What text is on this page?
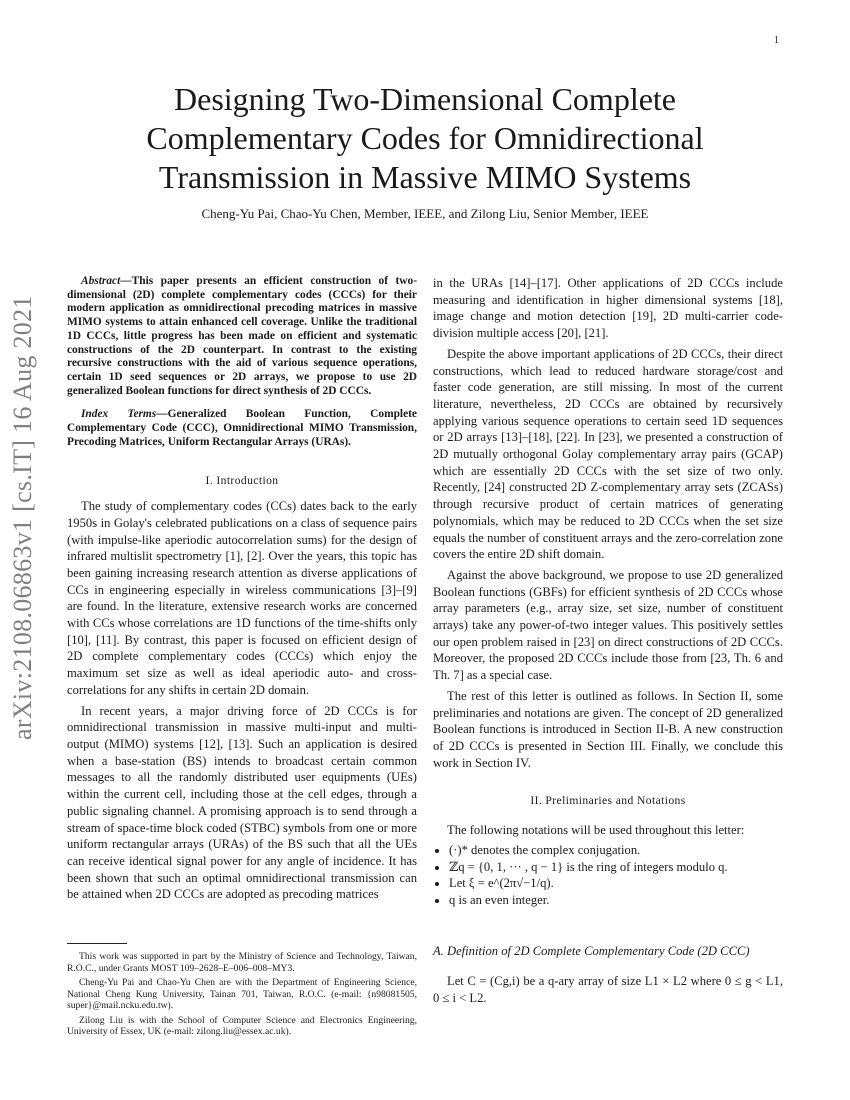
1
arXiv:2108.06863v1 [cs.IT] 16 Aug 2021
Designing Two-Dimensional Complete Complementary Codes for Omnidirectional Transmission in Massive MIMO Systems
Cheng-Yu Pai, Chao-Yu Chen, Member, IEEE, and Zilong Liu, Senior Member, IEEE

Abstract—This paper presents an efficient construction of two-dimensional (2D) complete complementary codes (CCCs) for their modern application as omnidirectional precoding matrices in massive MIMO systems to attain enhanced cell coverage. Unlike the traditional 1D CCCs, little progress has been made on efficient and systematic constructions of the 2D counterpart. In contrast to the existing recursive constructions with the aid of various sequence operations, certain 1D seed sequences or 2D arrays, we propose to use 2D generalized Boolean functions for direct synthesis of 2D CCCs.

Index Terms—Generalized Boolean Function, Complete Complementary Code (CCC), Omnidirectional MIMO Transmission, Precoding Matrices, Uniform Rectangular Arrays (URAs).

I. Introduction

The study of complementary codes (CCs) dates back to the early 1950s in Golay's celebrated publications on a class of sequence pairs (with impulse-like aperiodic autocorrelation sums) for the design of infrared multislit spectrometry [1], [2]. Over the years, this topic has been gaining increasing research attention as diverse applications of CCs in engineering especially in wireless communications [3]–[9] are found. In the literature, extensive research works are concerned with CCs whose correlations are 1D functions of the time-shifts only [10], [11]. By contrast, this paper is focused on efficient design of 2D complete complementary codes (CCCs) which enjoy the maximum set size as well as ideal aperiodic auto- and cross- correlations for any shifts in certain 2D domain.

In recent years, a major driving force of 2D CCCs is for omnidirectional transmission in massive multi-input and multi-output (MIMO) systems [12], [13]. Such an application is desired when a base-station (BS) intends to broadcast certain common messages to all the randomly distributed user equipments (UEs) within the current cell, including those at the cell edges, through a public signaling channel. A promising approach is to send through a stream of space-time block coded (STBC) symbols from one or more uniform rectangular arrays (URAs) of the BS such that all the UEs can receive identical signal power for any angle of incidence. It has been shown that such an optimal omnidirectional transmission can be attained when 2D CCCs are adopted as precoding matrices

in the URAs [14]–[17]. Other applications of 2D CCCs include measuring and identification in higher dimensional systems [18], image change and motion detection [19], 2D multi-carrier code-division multiple access [20], [21].

Despite the above important applications of 2D CCCs, their direct constructions, which lead to reduced hardware storage/cost and faster code generation, are still missing. In most of the current literature, nevertheless, 2D CCCs are obtained by recursively applying various sequence operations to certain seed 1D sequences or 2D arrays [13]–[18], [22]. In [23], we presented a construction of 2D mutually orthogonal Golay complementary array pairs (GCAP) which are essentially 2D CCCs with the set size of two only. Recently, [24] constructed 2D Z-complementary array sets (ZCASs) through recursive product of certain matrices of generating polynomials, which may be reduced to 2D CCCs when the set size equals the number of constituent arrays and the zero-correlation zone covers the entire 2D shift domain.

Against the above background, we propose to use 2D generalized Boolean functions (GBFs) for efficient synthesis of 2D CCCs whose array parameters (e.g., array size, set size, number of constituent arrays) take any power-of-two integer values. This positively settles our open problem raised in [23] on direct constructions of 2D CCCs. Moreover, the proposed 2D CCCs include those from [23, Th. 6 and Th. 7] as a special case.

The rest of this letter is outlined as follows. In Section II, some preliminaries and notations are given. The concept of 2D generalized Boolean functions is introduced in Section II-B. A new construction of 2D CCCs is presented in Section III. Finally, we conclude this work in Section IV.

II. Preliminaries and Notations

The following notations will be used throughout this letter:

• (·)* denotes the complex conjugation.
• ℤq = {0, 1, ··· , q − 1} is the ring of integers modulo q.
• Let ξ = e^(2π√−1/q).
• q is an even integer.
A. Definition of 2D Complete Complementary Code (2D CCC)

Let C = (Cg,i) be a q-ary array of size L1 × L2 where 0 ≤ g < L1, 0 ≤ i < L2.

This work was supported in part by the Ministry of Science and Technology, Taiwan, R.O.C., under Grants MOST 109–2628–E–006–008–MY3.

Cheng-Yu Pai and Chao-Yu Chen are with the Department of Engineering Science, National Cheng Kung University, Tainan 701, Taiwan, R.O.C. (e-mail: {n98081505, super}@mail.ncku.edu.tw).

Zilong Liu is with the School of Computer Science and Electronics Engineering, University of Essex, UK (e-mail: zilong.liu@essex.ac.uk).
